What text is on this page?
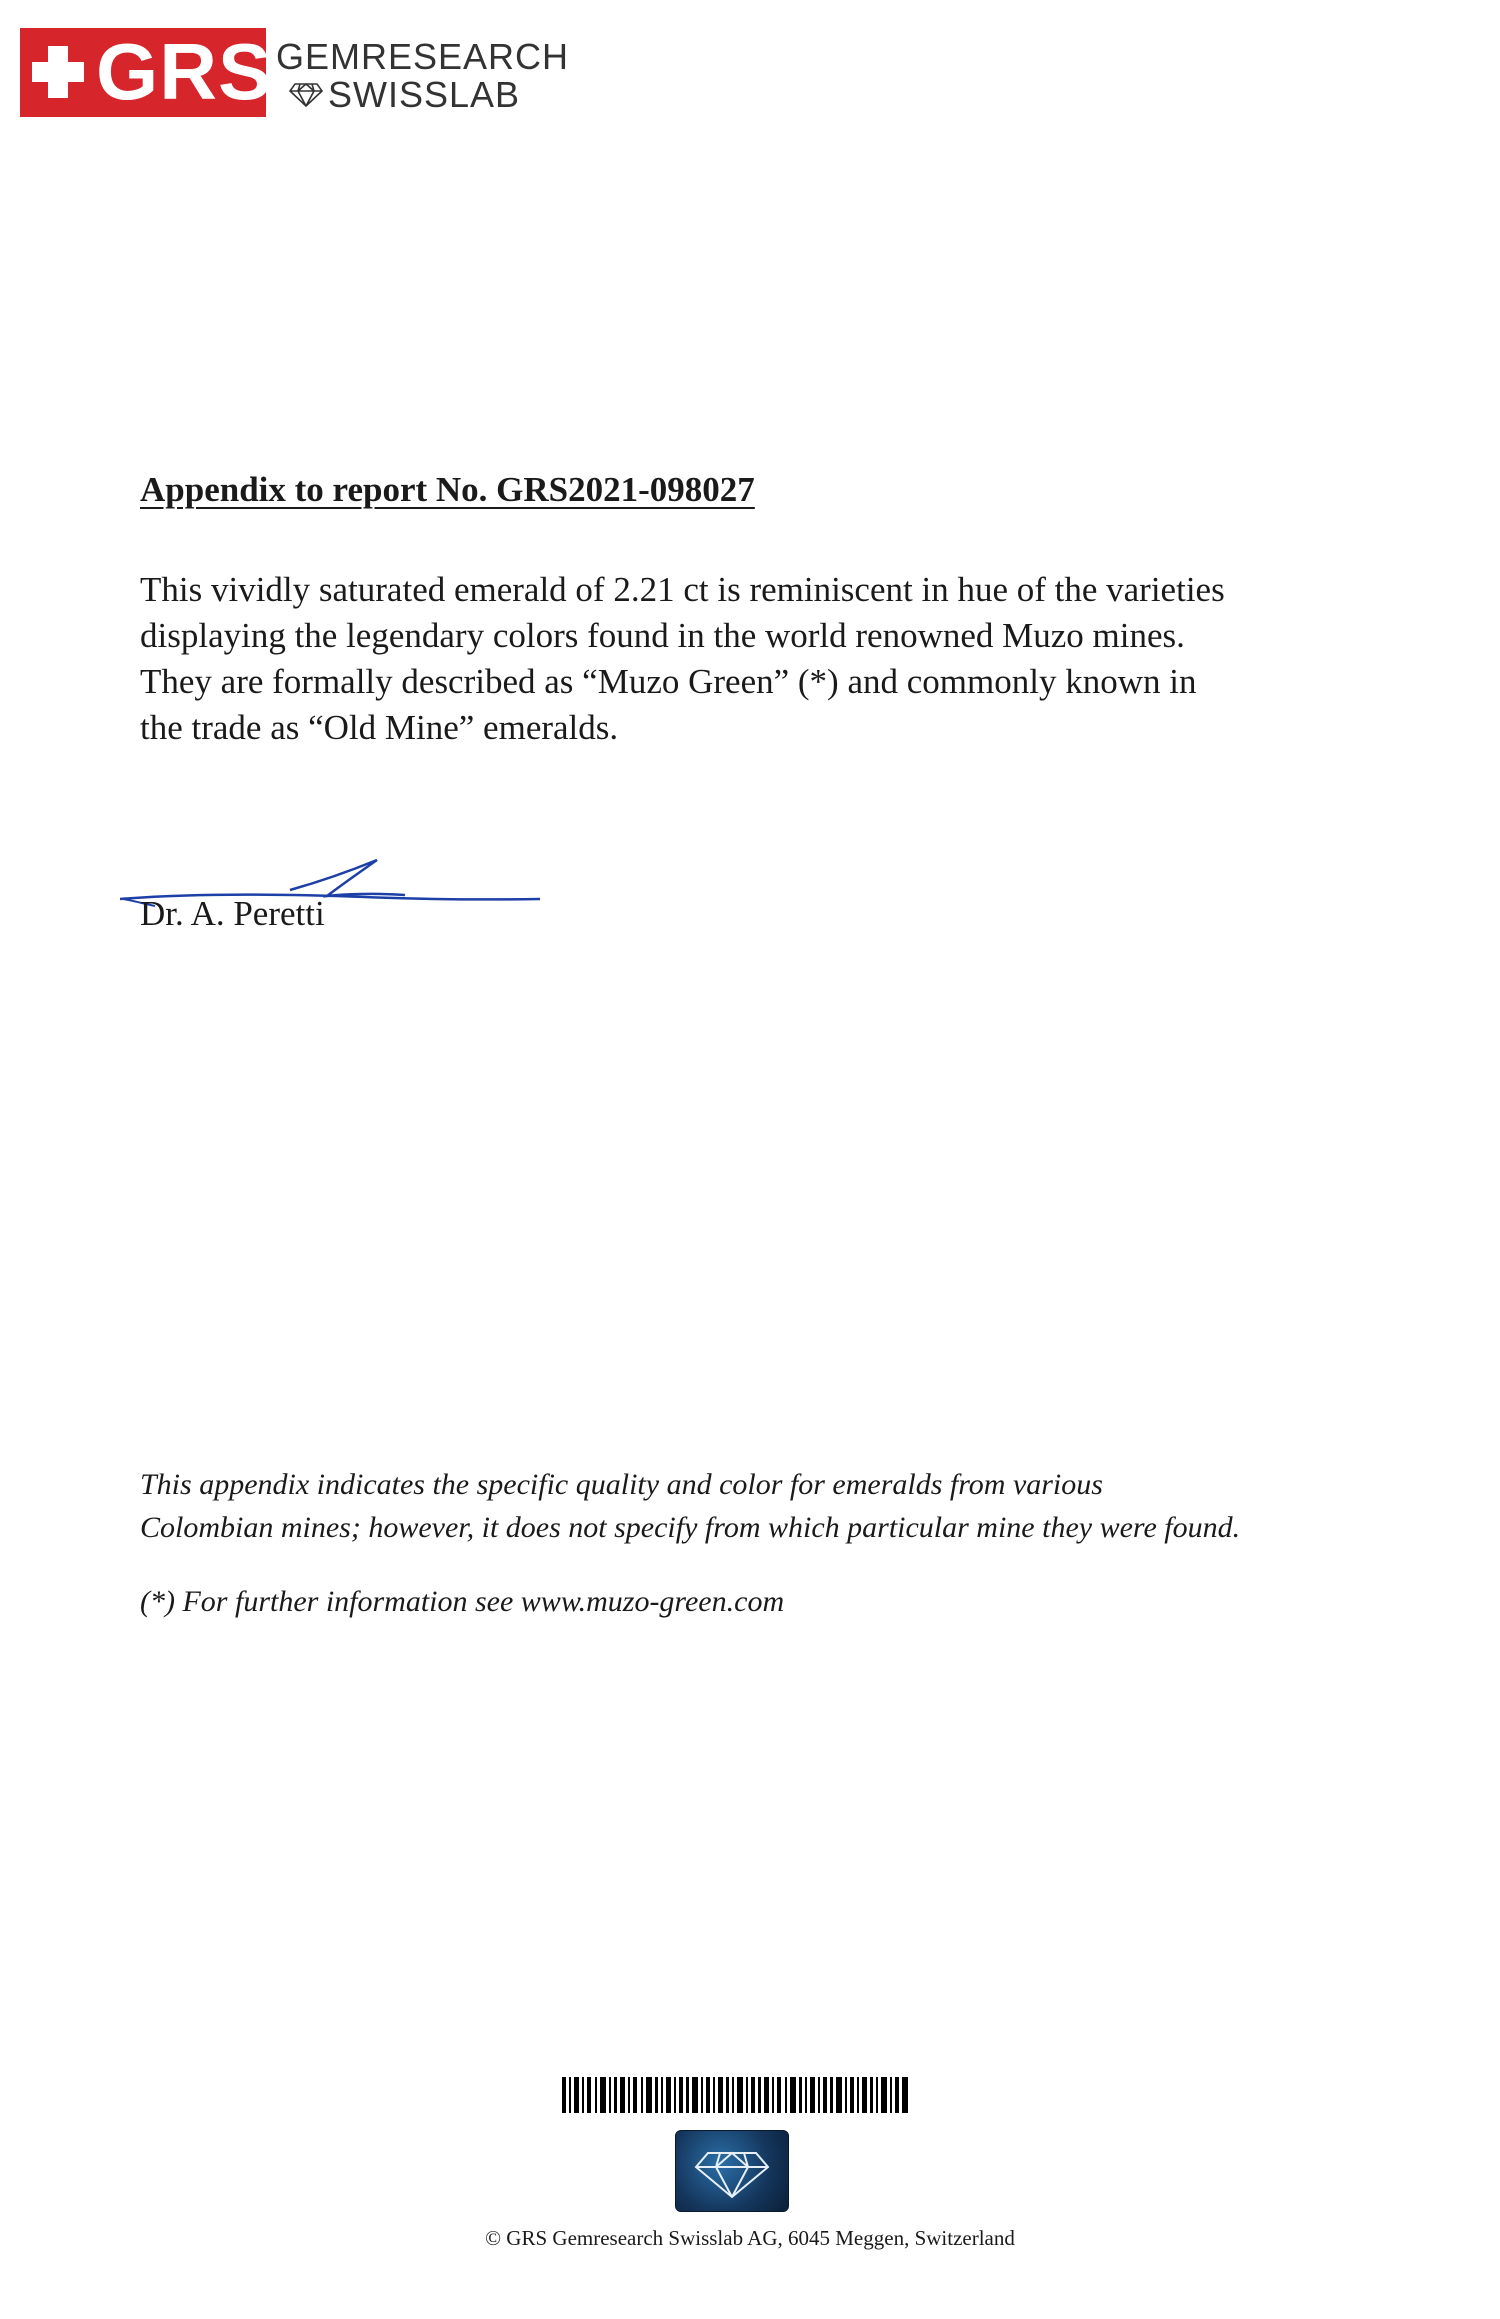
GRS GEMRESEARCH
SWISSLAB
Appendix to report No. GRS2021-098027
This vividly saturated emerald of 2.21 ct is reminiscent in hue of the varieties
displaying the legendary colors found in the world renowned Muzo mines.
They are formally described as “Muzo Green” (*) and commonly known in
the trade as “Old Mine” emeralds.
Dr. A. Peretti
This appendix indicates the specific quality and color for emeralds from various
Colombian mines; however, it does not specify from which particular mine they were found.
(*) For further information see www.muzo-green.com
© GRS Gemresearch Swisslab AG, 6045 Meggen, Switzerland
